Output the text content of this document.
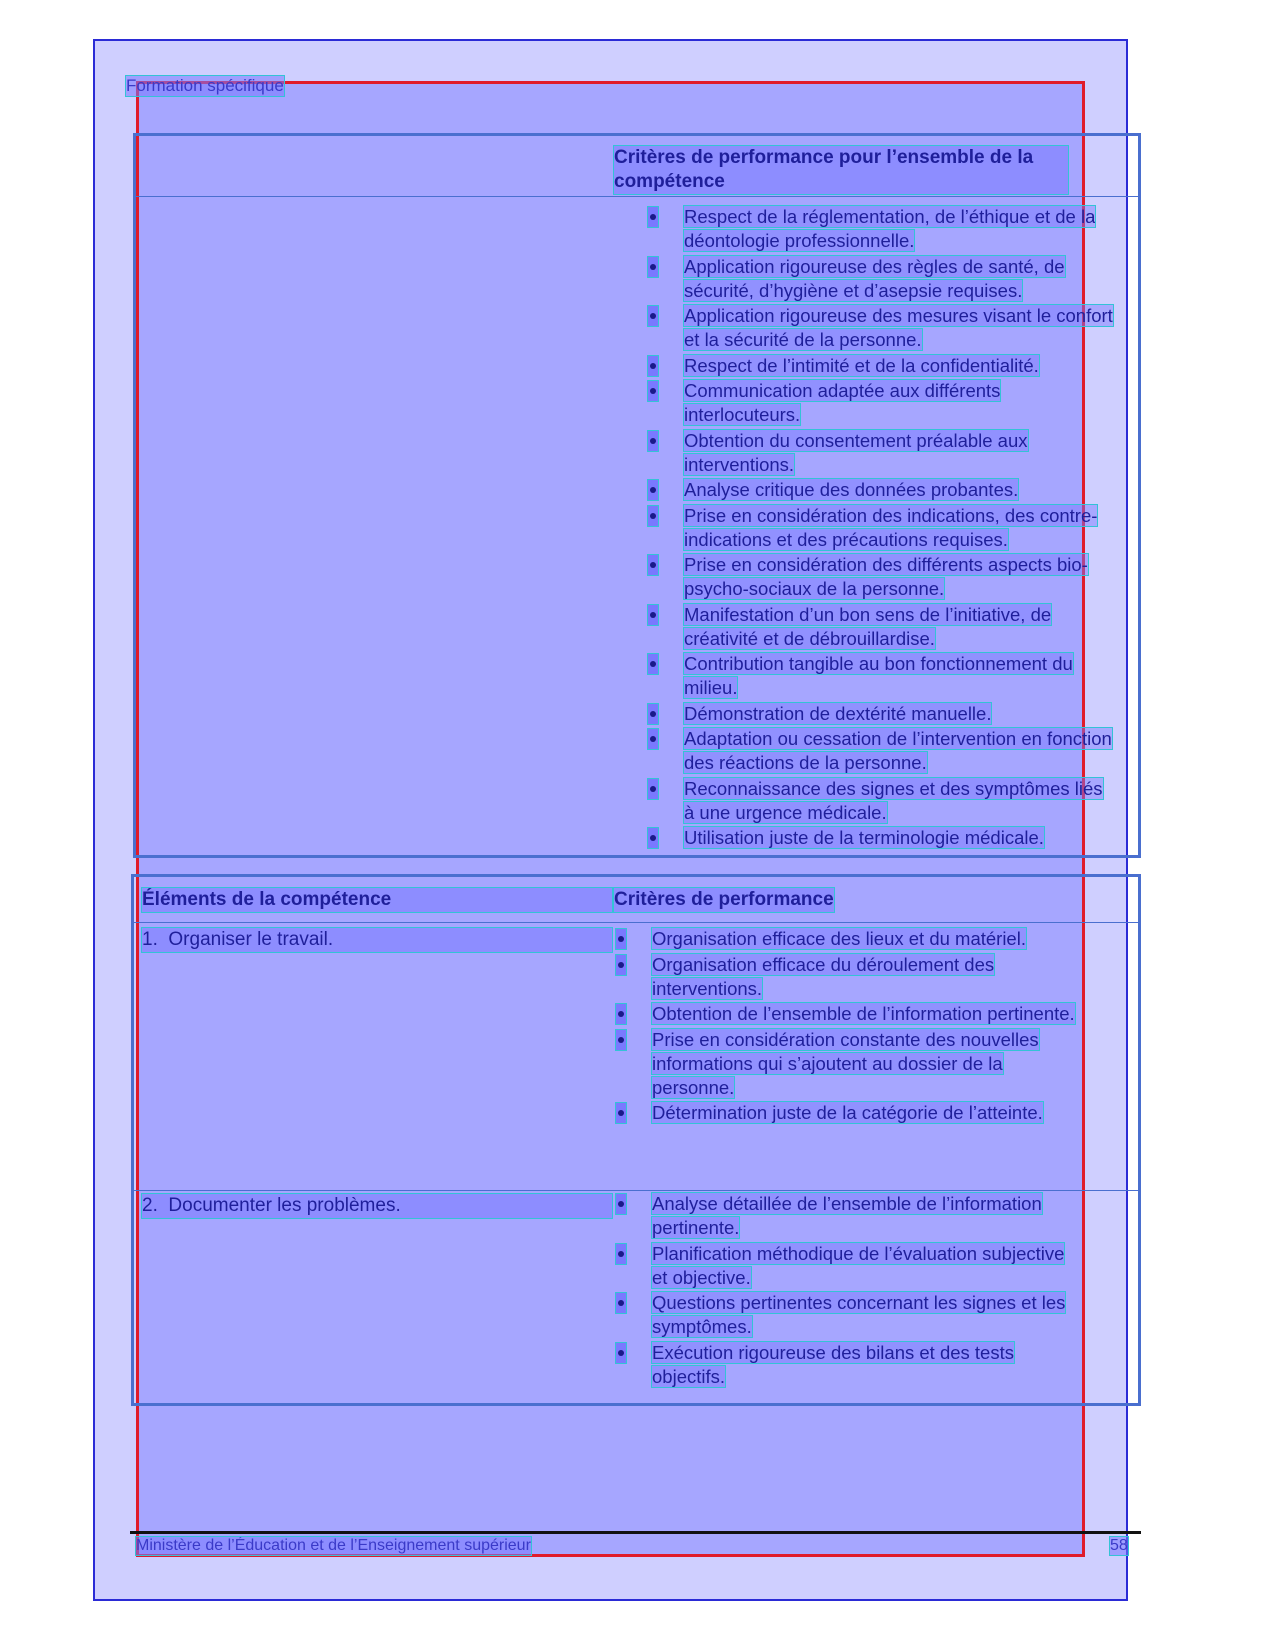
Formation spécifique
Critères de performance pour l’ensemble de la compétence
Respect de la réglementation, de l’éthique et de la déontologie professionnelle.
Application rigoureuse des règles de santé, de sécurité, d’hygiène et d’asepsie requises.
Application rigoureuse des mesures visant le confort et la sécurité de la personne.
Respect de l’intimité et de la confidentialité.
Communication adaptée aux différents interlocuteurs.
Obtention du consentement préalable aux interventions.
Analyse critique des données probantes.
Prise en considération des indications, des contre-indications et des précautions requises.
Prise en considération des différents aspects bio-psycho-sociaux de la personne.
Manifestation d’un bon sens de l’initiative, de créativité et de débrouillardise.
Contribution tangible au bon fonctionnement du milieu.
Démonstration de dextérité manuelle.
Adaptation ou cessation de l’intervention en fonction des réactions de la personne.
Reconnaissance des signes et des symptômes liés à une urgence médicale.
Utilisation juste de la terminologie médicale.
Éléments de la compétence	Critères de performance
1.  Organiser le travail.	Organisation efficace des lieux et du matériel.
Organisation efficace du déroulement des interventions.
Obtention de l’ensemble de l’information pertinente.
Prise en considération constante des nouvelles informations qui s’ajoutent au dossier de la personne.
Détermination juste de la catégorie de l’atteinte.
2.  Documenter les problèmes.	Analyse détaillée de l’ensemble de l’information pertinente.
Planification méthodique de l’évaluation subjective et objective.
Questions pertinentes concernant les signes et les symptômes.
Exécution rigoureuse des bilans et des tests objectifs.
Ministère de l’Éducation et de l’Enseignement supérieur	58
